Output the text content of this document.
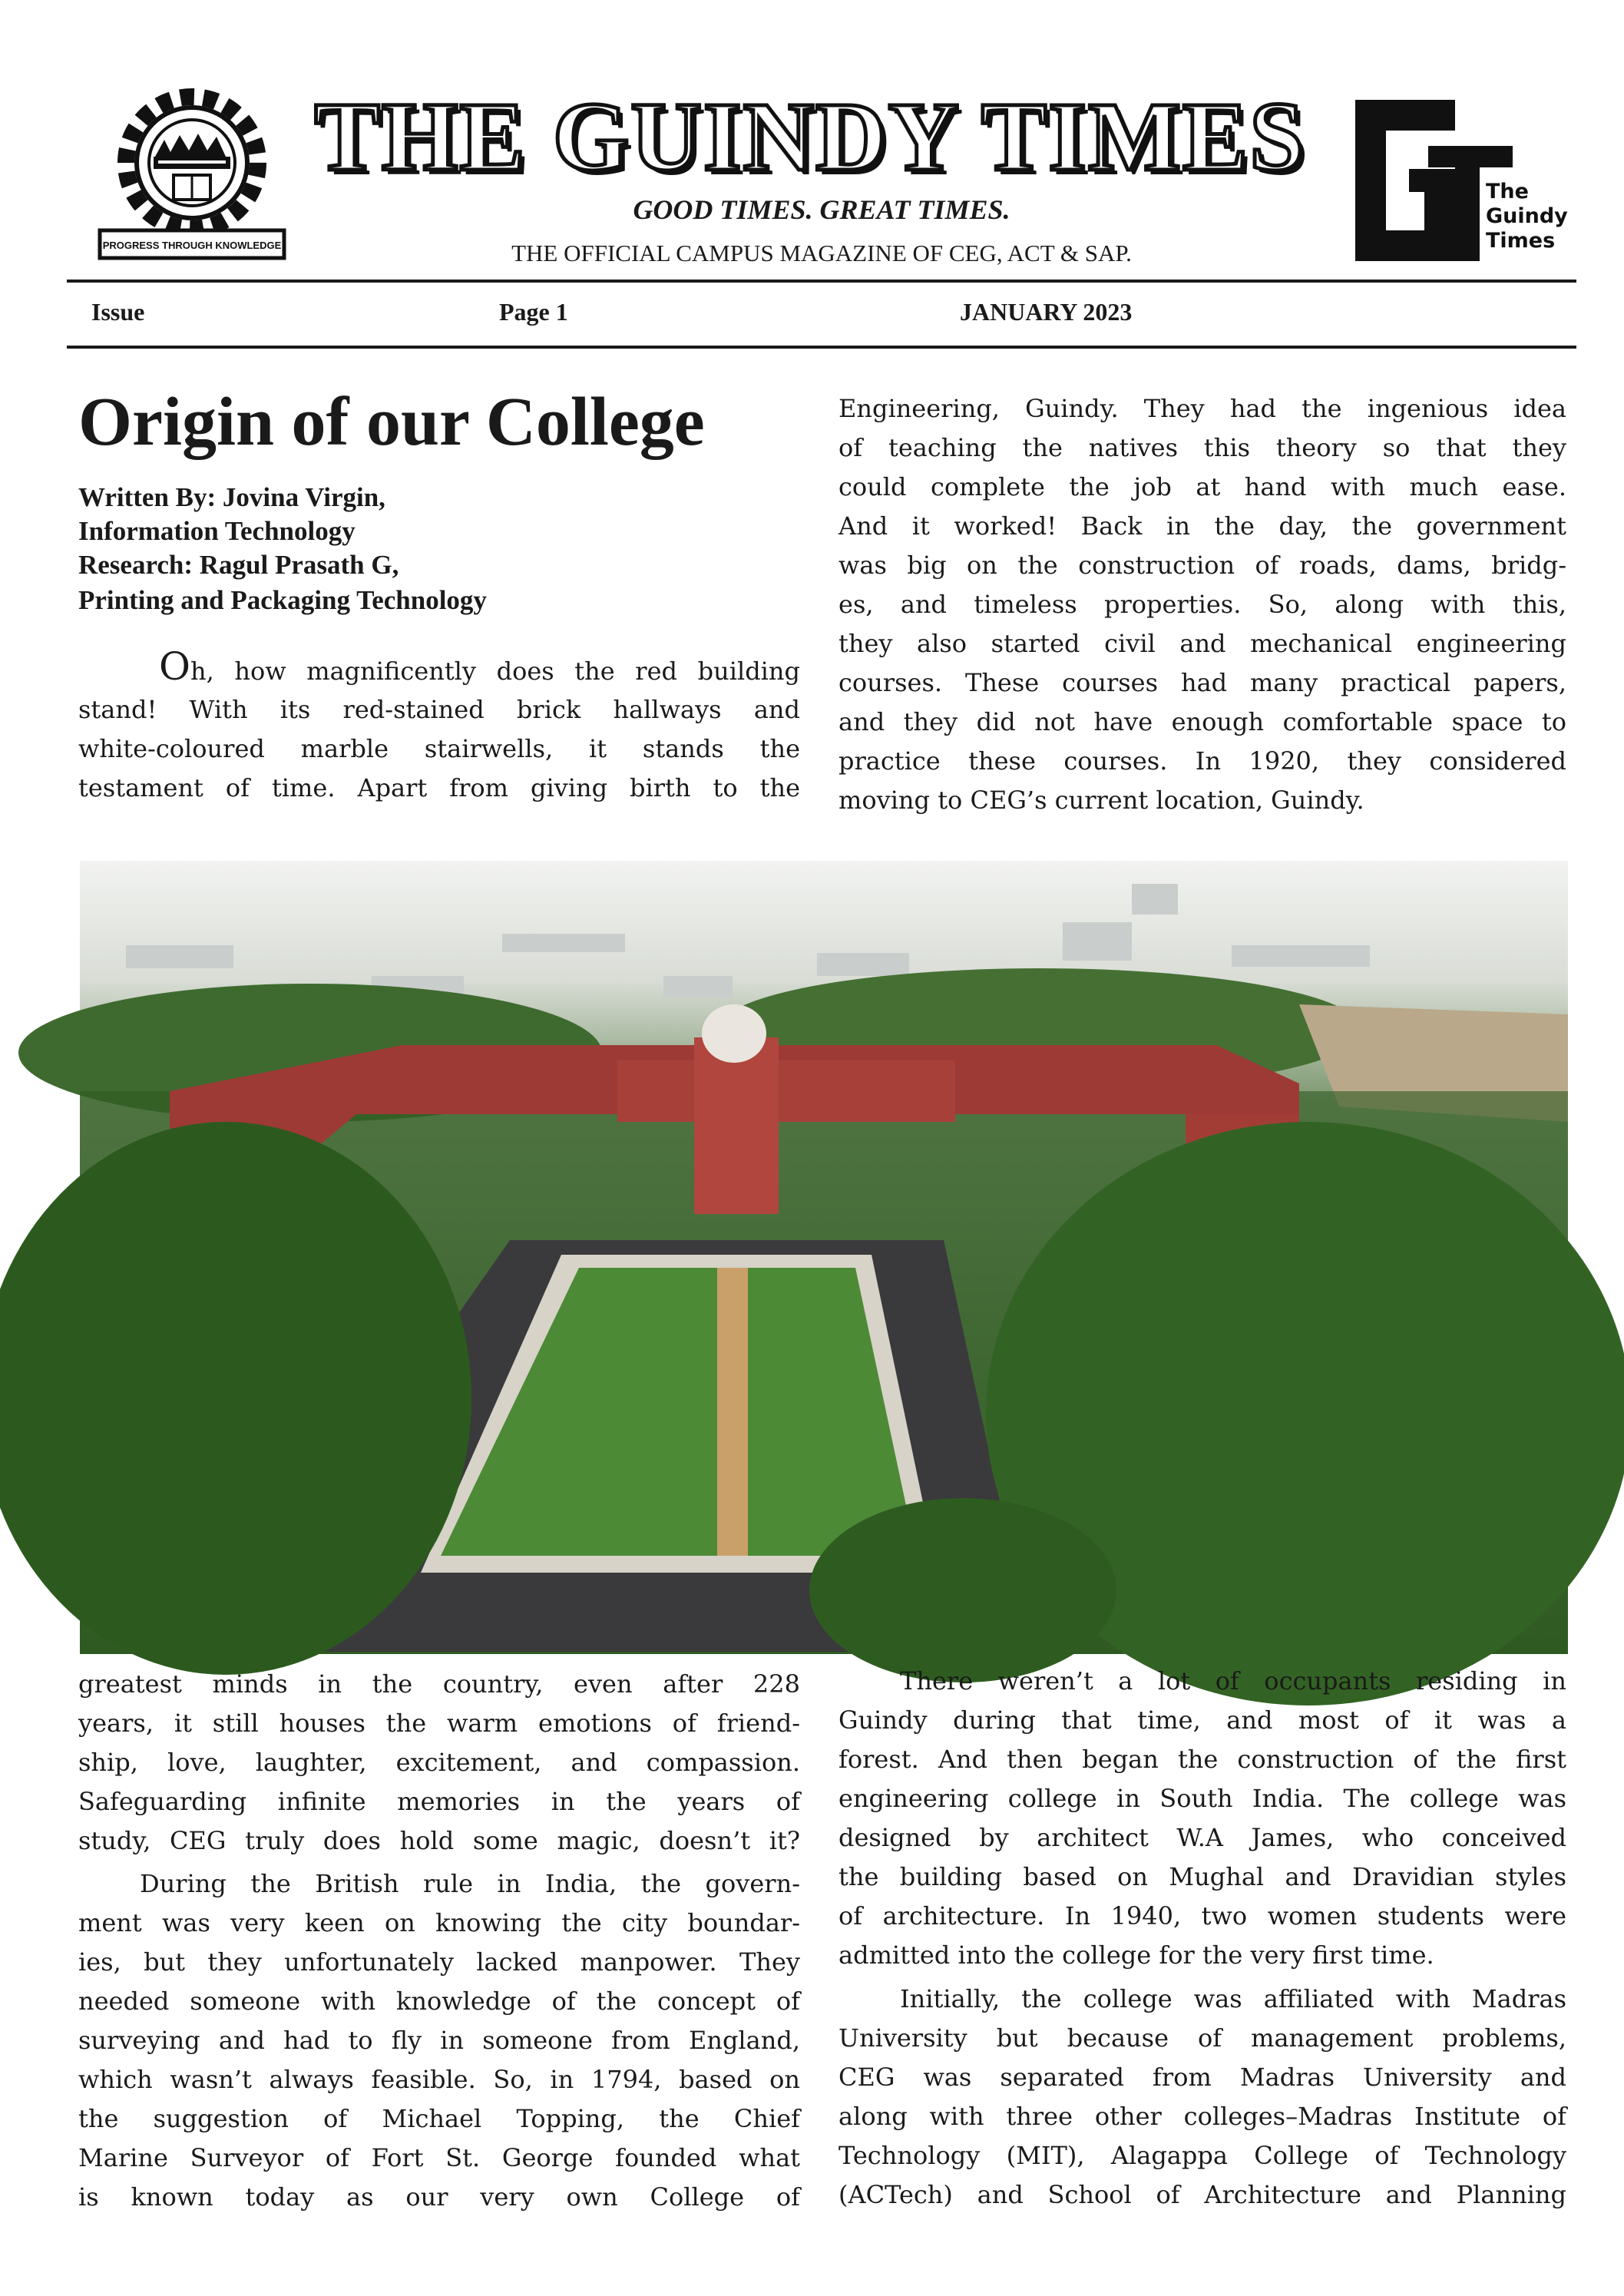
PROGRESS THROUGH KNOWLEDGE
THE GUINDY TIMES
GOOD TIMES. GREAT TIMES.
THE OFFICIAL CAMPUS MAGAZINE OF CEG, ACT & SAP.
The
Guindy
Times
Issue	Page 1	JANUARY 2023
Origin of our College
Written By: Jovina Virgin,
Information Technology
Research: Ragul Prasath G,
Printing and Packaging Technology
Oh, how magnificently does the red building
stand! With its red-stained brick hallways and
white-coloured marble stairwells, it stands the
testament of time. Apart from giving birth to the
Engineering, Guindy. They had the ingenious idea
of teaching the natives this theory so that they
could complete the job at hand with much ease.
And it worked! Back in the day, the government
was big on the construction of roads, dams, bridg-
es, and timeless properties. So, along with this,
they also started civil and mechanical engineering
courses. These courses had many practical papers,
and they did not have enough comfortable space to
practice these courses. In 1920, they considered
moving to CEG’s current location, Guindy.
greatest minds in the country, even after 228
years, it still houses the warm emotions of friend-
ship, love, laughter, excitement, and compassion.
Safeguarding infinite memories in the years of
study, CEG truly does hold some magic, doesn’t it?
During the British rule in India, the govern-
ment was very keen on knowing the city boundar-
ies, but they unfortunately lacked manpower. They
needed someone with knowledge of the concept of
surveying and had to fly in someone from England,
which wasn’t always feasible. So, in 1794, based on
the suggestion of Michael Topping, the Chief
Marine Surveyor of Fort St. George founded what
is known today as our very own College of
There weren’t a lot of occupants residing in
Guindy during that time, and most of it was a
forest. And then began the construction of the first
engineering college in South India. The college was
designed by architect W.A James, who conceived
the building based on Mughal and Dravidian styles
of architecture. In 1940, two women students were
admitted into the college for the very first time.
Initially, the college was affiliated with Madras
University but because of management problems,
CEG was separated from Madras University and
along with three other colleges–Madras Institute of
Technology (MIT), Alagappa College of Technology
(ACTech) and School of Architecture and Planning
